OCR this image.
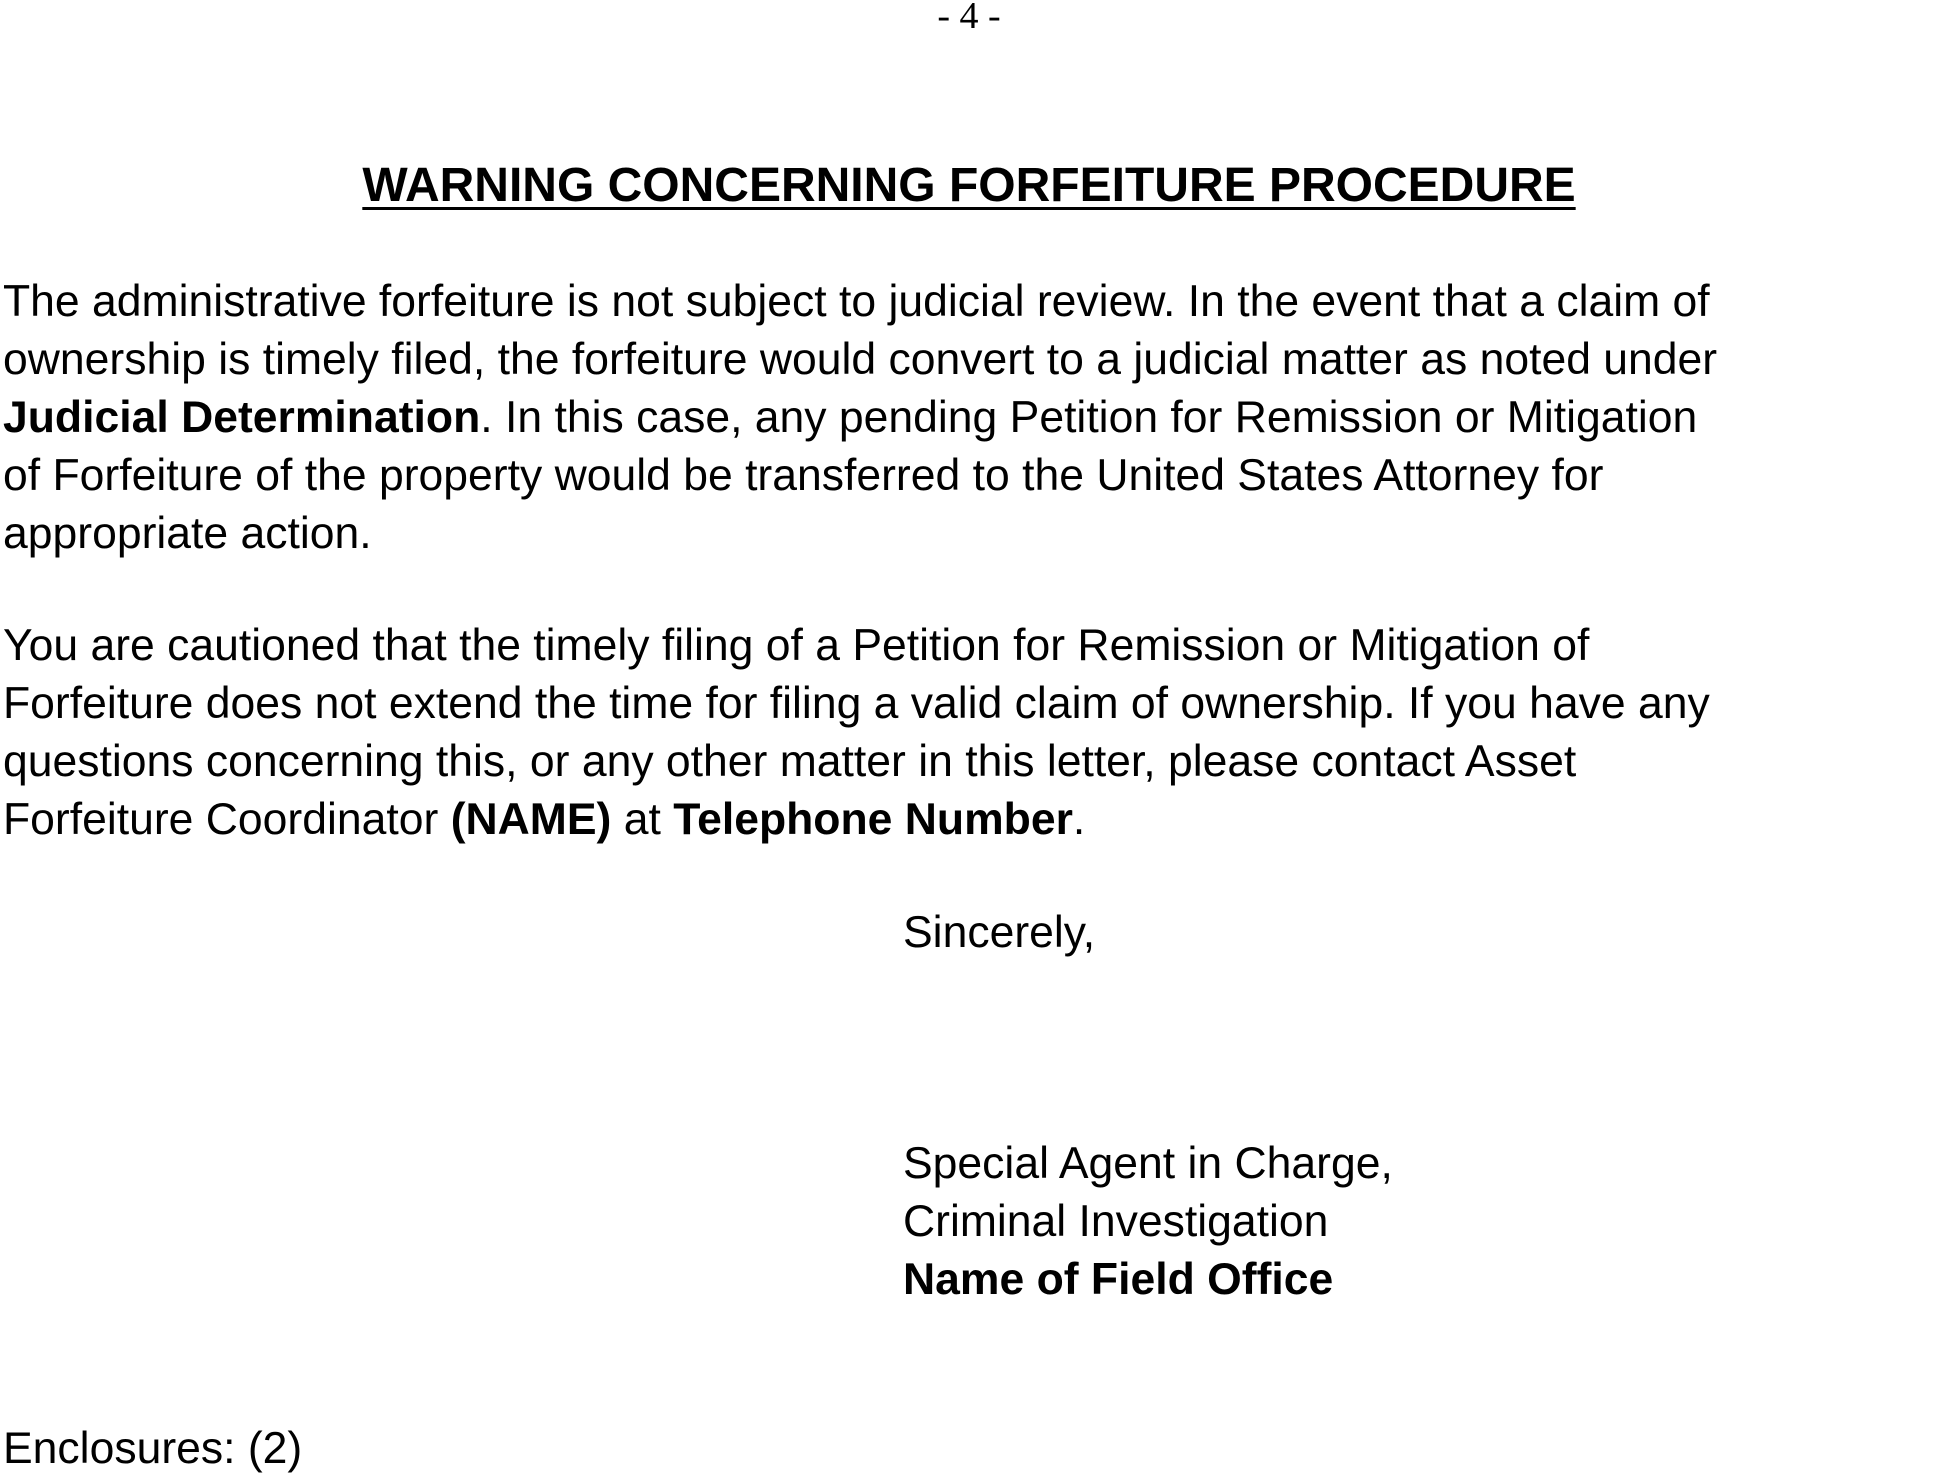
- 4 -
WARNING CONCERNING FORFEITURE PROCEDURE

The administrative forfeiture is not subject to judicial review. In the event that a claim of
ownership is timely filed, the forfeiture would convert to a judicial matter as noted under
Judicial Determination. In this case, any pending Petition for Remission or Mitigation
of Forfeiture of the property would be transferred to the United States Attorney for
appropriate action.

You are cautioned that the timely filing of a Petition for Remission or Mitigation of
Forfeiture does not extend the time for filing a valid claim of ownership. If you have any
questions concerning this, or any other matter in this letter, please contact Asset
Forfeiture Coordinator (NAME) at Telephone Number.

Sincerely,

Special Agent in Charge,
Criminal Investigation
Name of Field Office

Enclosures: (2)
